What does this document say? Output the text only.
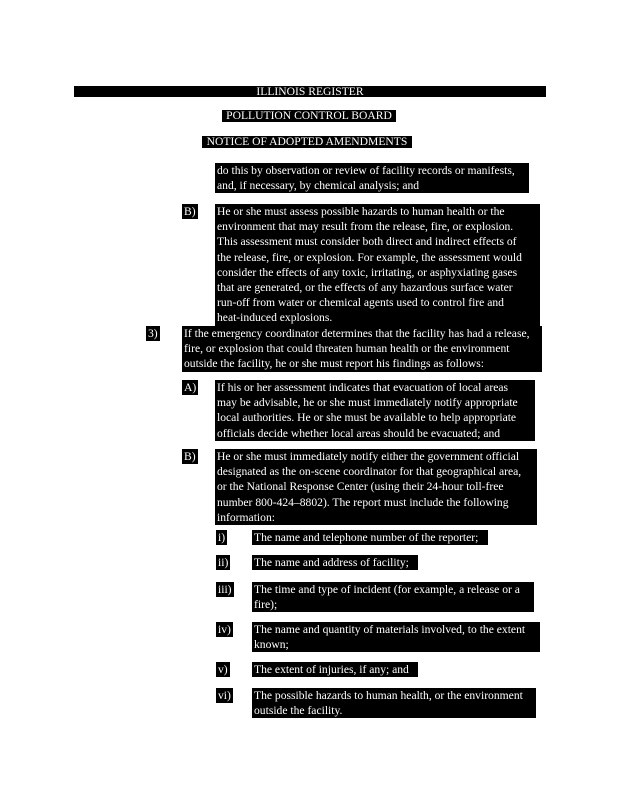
ILLINOIS REGISTER
POLLUTION CONTROL BOARD
NOTICE OF ADOPTED AMENDMENTS
do this by observation or review of facility records or manifests,
and, if necessary, by chemical analysis; and
B) He or she must assess possible hazards to human health or the
environment that may result from the release, fire, or explosion.
This assessment must consider both direct and indirect effects of
the release, fire, or explosion. For example, the assessment would
consider the effects of any toxic, irritating, or asphyxiating gases
that are generated, or the effects of any hazardous surface water
run-off from water or chemical agents used to control fire and
heat-induced explosions.
3) If the emergency coordinator determines that the facility has had a release,
fire, or explosion that could threaten human health or the environment
outside the facility, he or she must report his findings as follows:
A) If his or her assessment indicates that evacuation of local areas
may be advisable, he or she must immediately notify appropriate
local authorities. He or she must be available to help appropriate
officials decide whether local areas should be evacuated; and
B) He or she must immediately notify either the government official
designated as the on-scene coordinator for that geographical area,
or the National Response Center (using their 24-hour toll-free
number 800-424–8802). The report must include the following
information:
i) The name and telephone number of the reporter;
ii) The name and address of facility;
iii) The time and type of incident (for example, a release or a
fire);
iv) The name and quantity of materials involved, to the extent
known;
v) The extent of injuries, if any; and
vi) The possible hazards to human health, or the environment
outside the facility.
